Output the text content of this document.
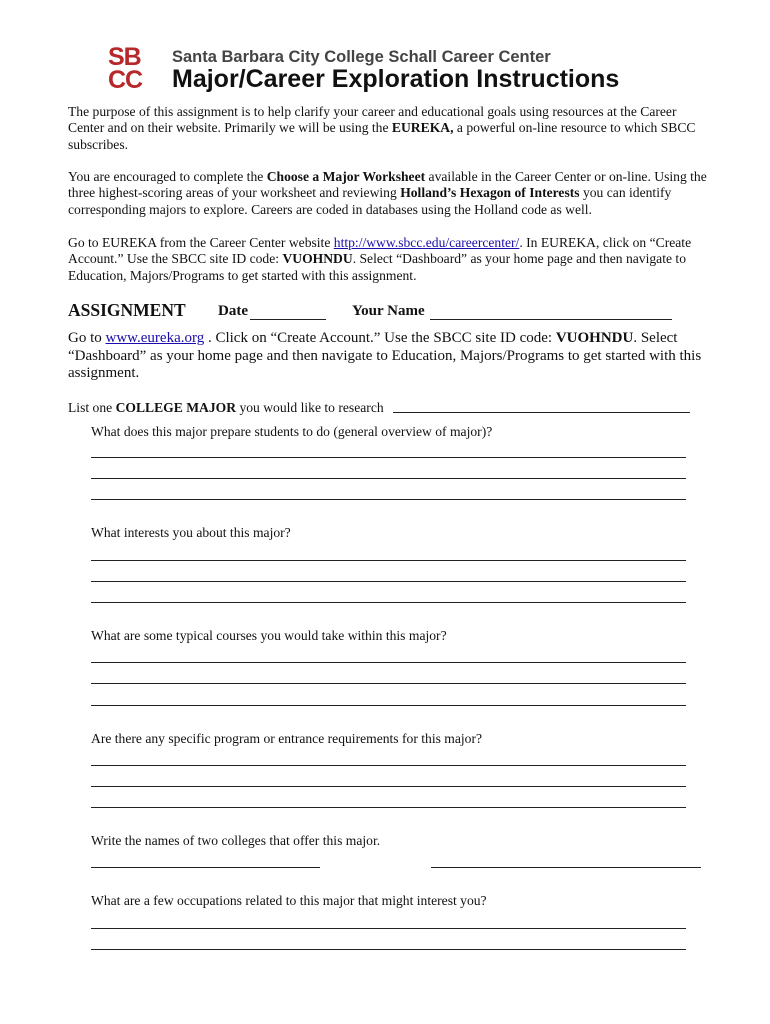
SB
CC
Santa Barbara City College Schall Career Center
Major/Career Exploration Instructions
The purpose of this assignment is to help clarify your career and educational goals using resources at the Career Center and on their website. Primarily we will be using the EUREKA, a powerful on-line resource to which SBCC subscribes.
You are encouraged to complete the Choose a Major Worksheet available in the Career Center or on-line. Using the three highest-scoring areas of your worksheet and reviewing Holland’s Hexagon of Interests you can identify corresponding majors to explore. Careers are coded in databases using the Holland code as well.
Go to EUREKA from the Career Center website http://www.sbcc.edu/careercenter/. In EUREKA, click on “Create Account.” Use the SBCC site ID code: VUOHNDU. Select “Dashboard” as your home page and then navigate to Education, Majors/Programs to get started with this assignment.
ASSIGNMENT Date	Your Name
Go to www.eureka.org . Click on “Create Account.” Use the SBCC site ID code: VUOHNDU. Select “Dashboard” as your home page and then navigate to Education, Majors/Programs to get started with this assignment.
List one COLLEGE MAJOR you would like to research
What does this major prepare students to do (general overview of major)?
What interests you about this major?
What are some typical courses you would take within this major?
Are there any specific program or entrance requirements for this major?
Write the names of two colleges that offer this major.
What are a few occupations related to this major that might interest you?
